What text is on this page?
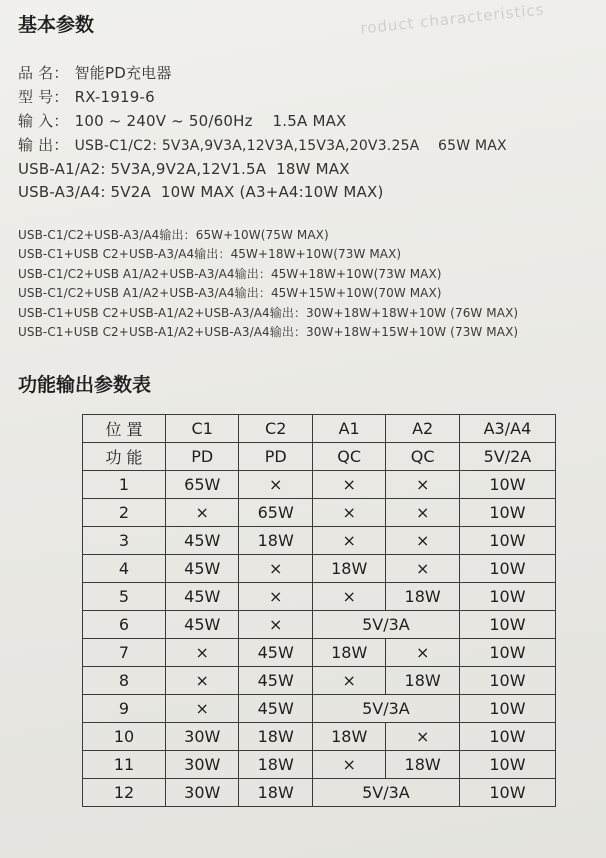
roduct characteristics
基本参数
品 名： 智能PD充电器
型 号： RX-1919-6
输 入： 100 ~ 240V ~ 50/60Hz    1.5A MAX
输 出： USB-C1/C2: 5V3A,9V3A,12V3A,15V3A,20V3.25A    65W MAX
USB-A1/A2: 5V3A,9V2A,12V1.5A  18W MAX
USB-A3/A4: 5V2A  10W MAX (A3+A4:10W MAX)
USB-C1/C2+USB-A3/A4输出：65W+10W(75W MAX)
USB-C1+USB C2+USB-A3/A4输出：45W+18W+10W(73W MAX)
USB-C1/C2+USB A1/A2+USB-A3/A4输出：45W+18W+10W(73W MAX)
USB-C1/C2+USB A1/A2+USB-A3/A4输出：45W+15W+10W(70W MAX)
USB-C1+USB C2+USB-A1/A2+USB-A3/A4输出：30W+18W+18W+10W (76W MAX)
USB-C1+USB C2+USB-A1/A2+USB-A3/A4输出：30W+18W+15W+10W (73W MAX)
功能输出参数表
位 置	C1	C2	A1	A2	A3/A4
功 能	PD	PD	QC	QC	5V/2A
1	65W	×	×	×	10W
2	×	65W	×	×	10W
3	45W	18W	×	×	10W
4	45W	×	18W	×	10W
5	45W	×	×	18W	10W
6	45W	×	5V/3A		10W
7	×	45W	18W	×	10W
8	×	45W	×	18W	10W
9	×	45W	5V/3A		10W
10	30W	18W	18W	×	10W
11	30W	18W	×	18W	10W
12	30W	18W	5V/3A		10W
